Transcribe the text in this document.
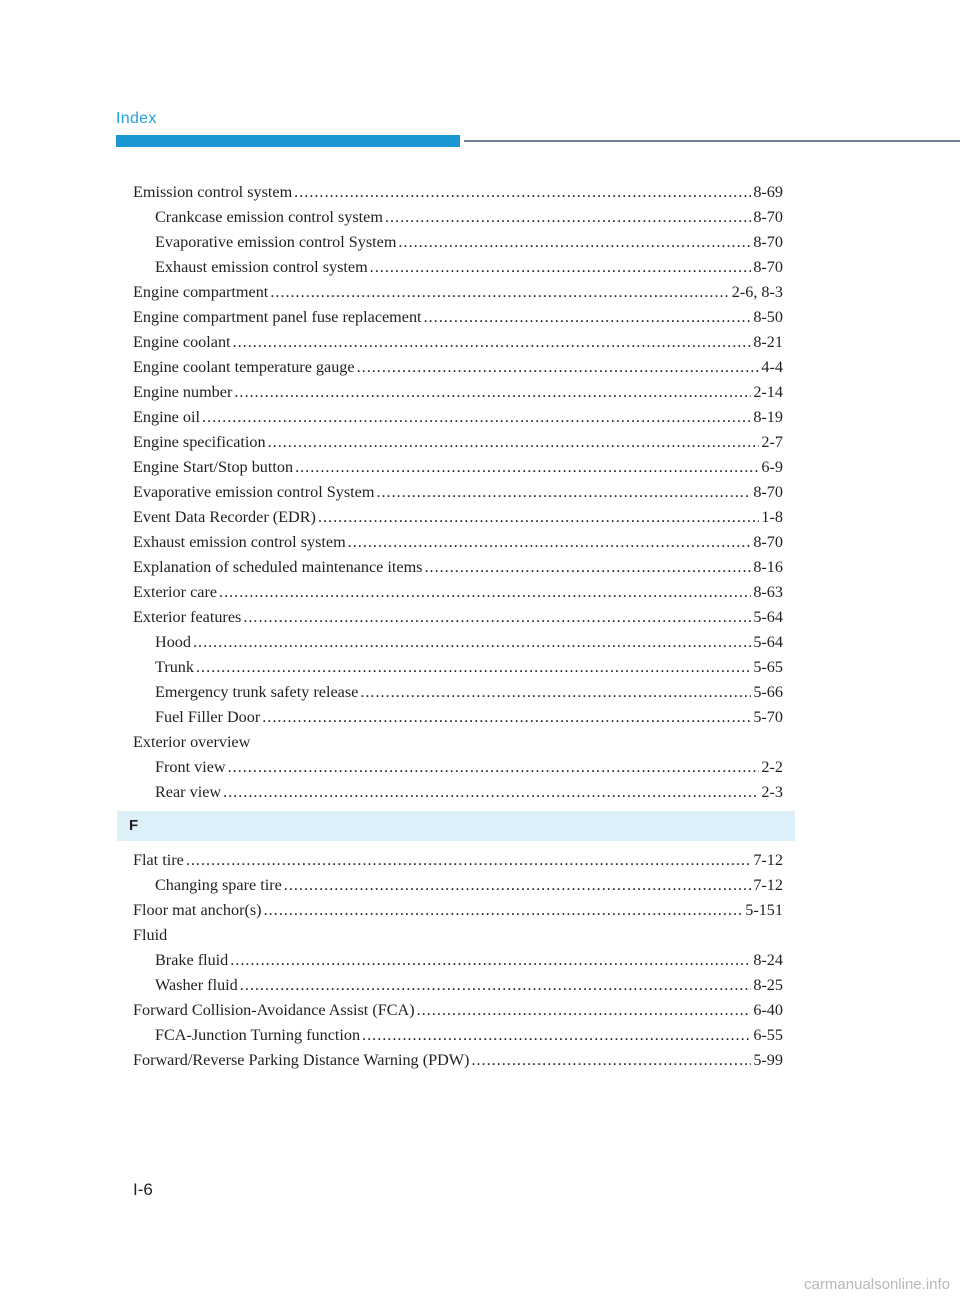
Index
Emission control system .....	8-69
Crankcase emission control system .....	8-70
Evaporative emission control System .....	8-70
Exhaust emission control system .....	8-70
Engine compartment .....	2-6, 8-3
Engine compartment panel fuse replacement .....	8-50
Engine coolant .....	8-21
Engine coolant temperature gauge .....	4-4
Engine number .....	2-14
Engine oil .....	8-19
Engine specification .....	2-7
Engine Start/Stop button .....	6-9
Evaporative emission control System .....	8-70
Event Data Recorder (EDR) .....	1-8
Exhaust emission control system .....	8-70
Explanation of scheduled maintenance items .....	8-16
Exterior care .....	8-63
Exterior features .....	5-64
Hood .....	5-64
Trunk .....	5-65
Emergency trunk safety release .....	5-66
Fuel Filler Door .....	5-70
Exterior overview
Front view .....	2-2
Rear view .....	2-3
F
Flat tire .....	7-12
Changing spare tire .....	7-12
Floor mat anchor(s) .....	5-151
Fluid
Brake fluid .....	8-24
Washer fluid .....	8-25
Forward Collision-Avoidance Assist (FCA) .....	6-40
FCA-Junction Turning function .....	6-55
Forward/Reverse Parking Distance Warning (PDW) .....	5-99
I-6
carmanualsonline.info
